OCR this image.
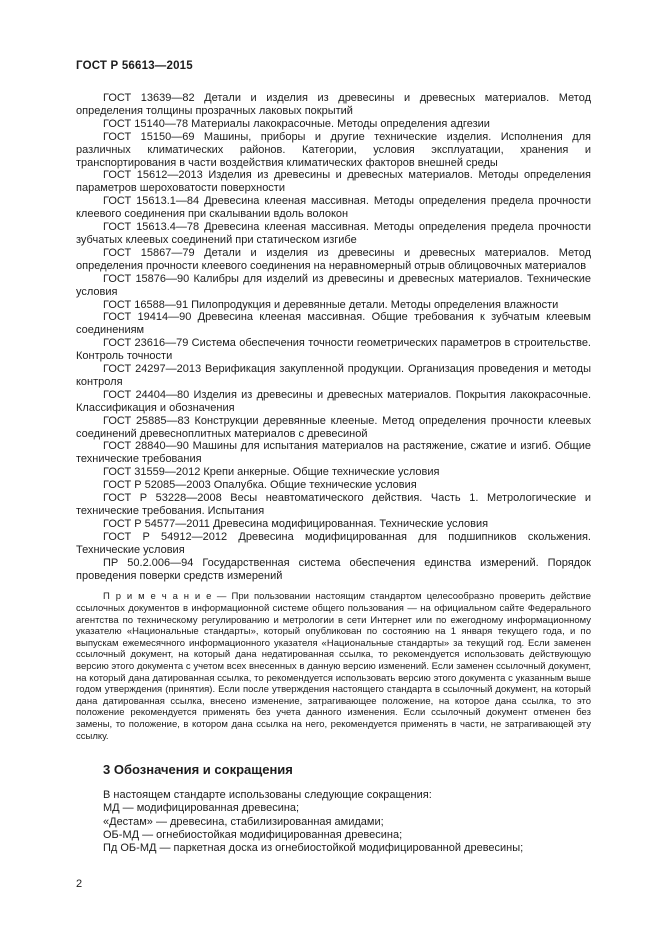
ГОСТ Р 56613—2015

ГОСТ 13639—82 Детали и изделия из древесины и древесных материалов. Метод определения толщины прозрачных лаковых покрытий

ГОСТ 15140—78 Материалы лакокрасочные. Методы определения адгезии

ГОСТ 15150—69 Машины, приборы и другие технические изделия. Исполнения для различных климатических районов. Категории, условия эксплуатации, хранения и транспортирования в части воздействия климатических факторов внешней среды

ГОСТ 15612—2013 Изделия из древесины и древесных материалов. Методы определения параметров шероховатости поверхности

ГОСТ 15613.1—84 Древесина клееная массивная. Методы определения предела прочности клеевого соединения при скалывании вдоль волокон

ГОСТ 15613.4—78 Древесина клееная массивная. Методы определения предела прочности зубчатых клеевых соединений при статическом изгибе

ГОСТ 15867—79 Детали и изделия из древесины и древесных материалов. Метод определения прочности клеевого соединения на неравномерный отрыв облицовочных материалов

ГОСТ 15876—90 Калибры для изделий из древесины и древесных материалов. Технические условия

ГОСТ 16588—91 Пилопродукция и деревянные детали. Методы определения влажности

ГОСТ 19414—90 Древесина клееная массивная. Общие требования к зубчатым клеевым соединениям

ГОСТ 23616—79 Система обеспечения точности геометрических параметров в строительстве. Контроль точности

ГОСТ 24297—2013 Верификация закупленной продукции. Организация проведения и методы контроля

ГОСТ 24404—80 Изделия из древесины и древесных материалов. Покрытия лакокрасочные. Классификация и обозначения

ГОСТ 25885—83 Конструкции деревянные клееные. Метод определения прочности клеевых соединений древесноплитных материалов с древесиной

ГОСТ 28840—90 Машины для испытания материалов на растяжение, сжатие и изгиб. Общие технические требования

ГОСТ 31559—2012 Крепи анкерные. Общие технические условия

ГОСТ Р 52085—2003 Опалубка. Общие технические условия

ГОСТ Р 53228—2008 Весы неавтоматического действия. Часть 1. Метрологические и технические требования. Испытания

ГОСТ Р 54577—2011 Древесина модифицированная. Технические условия

ГОСТ Р 54912—2012 Древесина модифицированная для подшипников скольжения. Технические условия

ПР 50.2.006—94 Государственная система обеспечения единства измерений. Порядок проведения поверки средств измерений

П р и м е ч а н и е — При пользовании настоящим стандартом целесообразно проверить действие ссылочных документов в информационной системе общего пользования — на официальном сайте Федерального агентства по техническому регулированию и метрологии в сети Интернет или по ежегодному информационному указателю «Национальные стандарты», который опубликован по состоянию на 1 января текущего года, и по выпускам ежемесячного информационного указателя «Национальные стандарты» за текущий год. Если заменен ссылочный документ, на который дана недатированная ссылка, то рекомендуется использовать действующую версию этого документа с учетом всех внесенных в данную версию изменений. Если заменен ссылочный документ, на который дана датированная ссылка, то рекомендуется использовать версию этого документа с указанным выше годом утверждения (принятия). Если после утверждения настоящего стандарта в ссылочный документ, на который дана датированная ссылка, внесено изменение, затрагивающее положение, на которое дана ссылка, то это положение рекомендуется применять без учета данного изменения. Если ссылочный документ отменен без замены, то положение, в котором дана ссылка на него, рекомендуется применять в части, не затрагивающей эту ссылку.
3 Обозначения и сокращения

В настоящем стандарте использованы следующие сокращения:

МД — модифицированная древесина;

«Дестам» — древесина, стабилизированная амидами;

ОБ-МД — огнебиостойкая модифицированная древесина;

Пд ОБ-МД — паркетная доска из огнебиостойкой модифицированной древесины;

2
